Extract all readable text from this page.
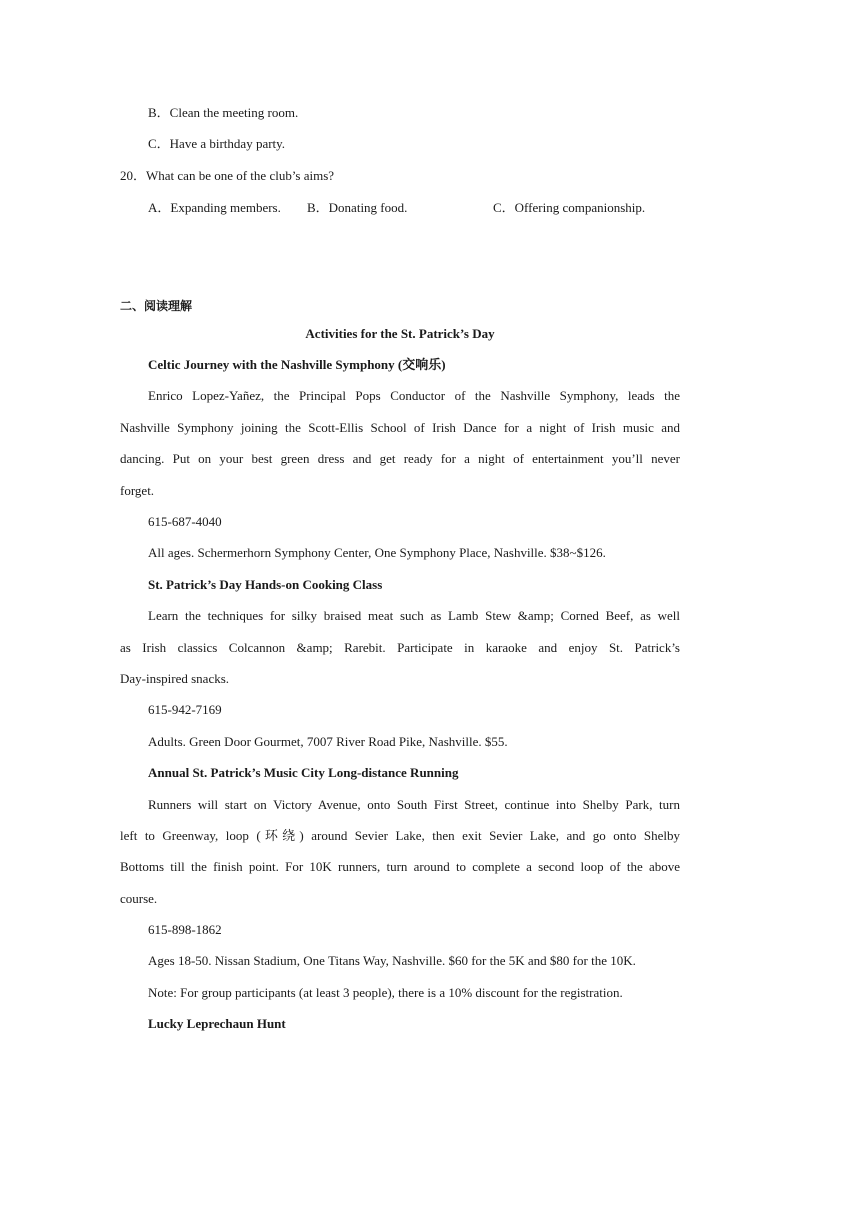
B．Clean the meeting room.
C．Have a birthday party.
20．What can be one of the club’s aims?
A．Expanding members. B．Donating food.	C．Offering companionship.
二、阅读理解
Activities for the St. Patrick’s Day
Celtic Journey with the Nashville Symphony (交响乐)
Enrico Lopez-Yañez, the Principal Pops Conductor of the Nashville Symphony, leads the
Nashville Symphony joining the Scott-Ellis School of Irish Dance for a night of Irish music and
dancing. Put on your best green dress and get ready for a night of entertainment you’ll never
forget.
615-687-4040
All ages. Schermerhorn Symphony Center, One Symphony Place, Nashville. $38~$126.
St. Patrick’s Day Hands-on Cooking Class
Learn the techniques for silky braised meat such as Lamb Stew &amp; Corned Beef, as well
as Irish classics Colcannon &amp; Rarebit. Participate in karaoke and enjoy St. Patrick’s
Day-inspired snacks.
615-942-7169
Adults. Green Door Gourmet, 7007 River Road Pike, Nashville. $55.
Annual St. Patrick’s Music City Long-distance Running
Runners will start on Victory Avenue, onto South First Street, continue into Shelby Park, turn
left to Greenway, loop (环绕) around Sevier Lake, then exit Sevier Lake, and go onto Shelby
Bottoms till the finish point. For 10K runners, turn around to complete a second loop of the above
course.
615-898-1862
Ages 18-50. Nissan Stadium, One Titans Way, Nashville. $60 for the 5K and $80 for the 10K.
Note: For group participants (at least 3 people), there is a 10% discount for the registration.
Lucky Leprechaun Hunt
